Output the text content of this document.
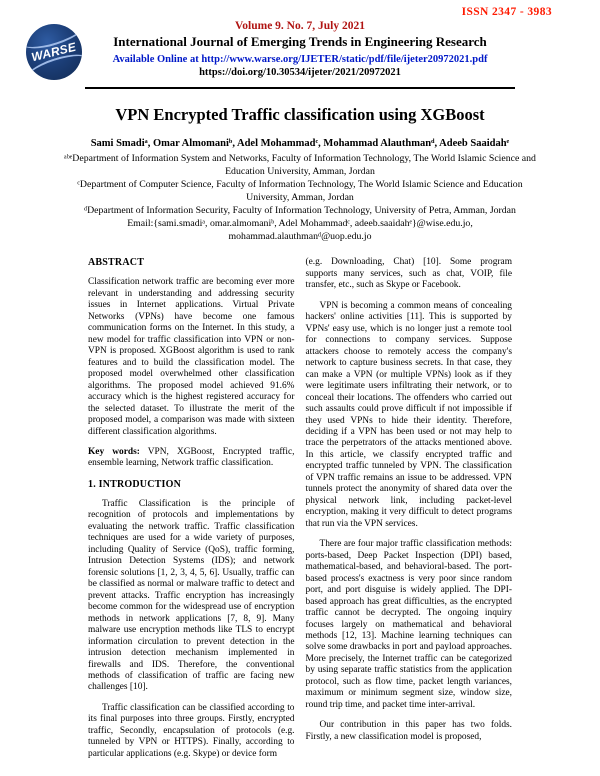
ISSN 2347 - 3983
WARSE
Volume 9. No. 7, July 2021
International Journal of Emerging Trends in Engineering Research
Available Online at http://www.warse.org/IJETER/static/pdf/file/ijeter20972021.pdf
https://doi.org/10.30534/ijeter/2021/20972021
VPN Encrypted Traffic classification using XGBoost
Sami Smadiᵃ, Omar Almomaniᵇ, Adel Mohammadᶜ, Mohammad Alauthmanᵈ, Adeeb Saaidahᵉ
ᵃᵇᵉDepartment of Information System and Networks, Faculty of Information Technology, The World Islamic Science and Education University, Amman, Jordan
ᶜDepartment of Computer Science, Faculty of Information Technology, The World Islamic Science and Education University, Amman, Jordan
ᵈDepartment of Information Security, Faculty of Information Technology, University of Petra, Amman, Jordan
Email:{sami.smadiᵃ, omar.almomaniᵇ, Adel Mohammadᶜ, adeeb.saaidahᵉ}@wise.edu.jo, mohammad.alauthmanᵈ@uop.edu.jo
ABSTRACT

Classification network traffic are becoming ever more relevant in understanding and addressing security issues in Internet applications. Virtual Private Networks (VPNs) have become one famous communication forms on the Internet. In this study, a new model for traffic classification into VPN or non-VPN is proposed. XGBoost algorithm is used to rank features and to build the classification model. The proposed model overwhelmed other classification algorithms. The proposed model achieved 91.6% accuracy which is the highest registered accuracy for the selected dataset. To illustrate the merit of the proposed model, a comparison was made with sixteen different classification algorithms.

Key words: VPN, XGBoost, Encrypted traffic, ensemble learning, Network traffic classification.

1. INTRODUCTION

Traffic Classification is the principle of recognition of protocols and implementations by evaluating the network traffic. Traffic classification techniques are used for a wide variety of purposes, including Quality of Service (QoS), traffic forming, Intrusion Detection Systems (IDS); and network forensic solutions [1, 2, 3, 4, 5, 6]. Usually, traffic can be classified as normal or malware traffic to detect and prevent attacks. Traffic encryption has increasingly become common for the widespread use of encryption methods in network applications [7, 8, 9]. Many malware use encryption methods like TLS to encrypt information circulation to prevent detection in the intrusion detection mechanism implemented in firewalls and IDS. Therefore, the conventional methods of classification of traffic are facing new challenges [10].

Traffic classification can be classified according to its final purposes into three groups. Firstly, encrypted traffic, Secondly, encapsulation of protocols (e.g. tunneled by VPN or HTTPS). Finally, according to particular applications (e.g. Skype) or device form

(e.g. Downloading, Chat) [10]. Some program supports many services, such as chat, VOIP, file transfer, etc., such as Skype or Facebook.

VPN is becoming a common means of concealing hackers' online activities [11]. This is supported by VPNs' easy use, which is no longer just a remote tool for connections to company services. Suppose attackers choose to remotely access the company's network to capture business secrets. In that case, they can make a VPN (or multiple VPNs) look as if they were legitimate users infiltrating their network, or to conceal their locations. The offenders who carried out such assaults could prove difficult if not impossible if they used VPNs to hide their identity. Therefore, deciding if a VPN has been used or not may help to trace the perpetrators of the attacks mentioned above. In this article, we classify encrypted traffic and encrypted traffic tunneled by VPN. The classification of VPN traffic remains an issue to be addressed. VPN tunnels protect the anonymity of shared data over the physical network link, including packet-level encryption, making it very difficult to detect programs that run via the VPN services.

There are four major traffic classification methods: ports-based, Deep Packet Inspection (DPI) based, mathematical-based, and behavioral-based. The port-based process's exactness is very poor since random port, and port disguise is widely applied. The DPI-based approach has great difficulties, as the encrypted traffic cannot be decrypted. The ongoing inquiry focuses largely on mathematical and behavioral methods [12, 13]. Machine learning techniques can solve some drawbacks in port and payload approaches. More precisely, the Internet traffic can be categorized by using separate traffic statistics from the application protocol, such as flow time, packet length variances, maximum or minimum segment size, window size, round trip time, and packet time inter-arrival.

Our contribution in this paper has two folds. Firstly, a new classification model is proposed,
